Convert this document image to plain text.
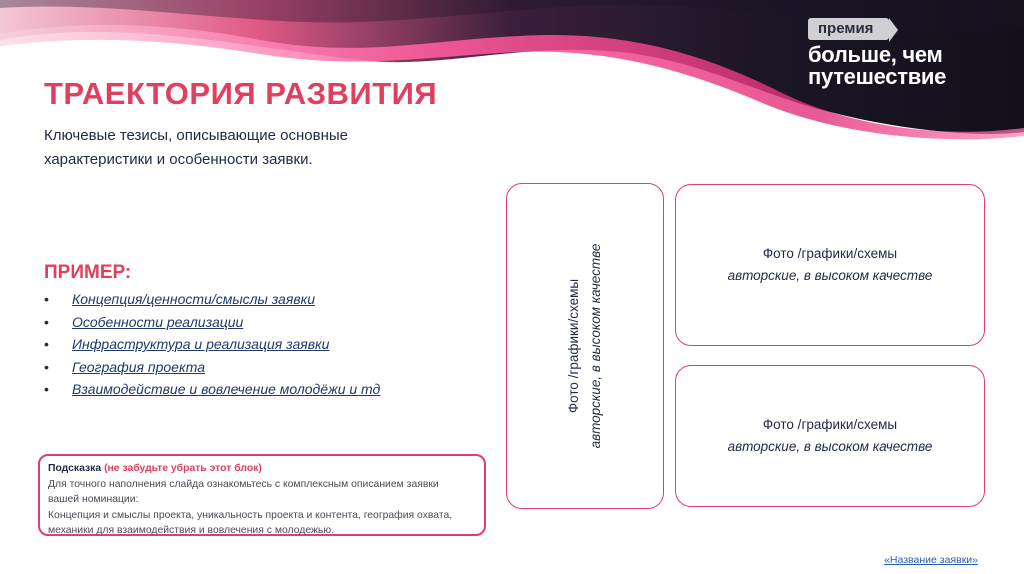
премия
больше, чем
путешествие
ТРАЕКТОРИЯ РАЗВИТИЯ
Ключевые тезисы, описывающие основные
характеристики и особенности заявки.
ПРИМЕР:
• Концепция/ценности/смыслы заявки
• Особенности реализации
• Инфраструктура и реализация заявки
• География проекта
• Взаимодействие и вовлечение молодёжи и тд
Подсказка (не забудьте убрать этот блок)
Для точного наполнения слайда ознакомьтесь с комплексным описанием заявки
вашей номинации:
Концепция и смыслы проекта, уникальность проекта и контента, география охвата,
механики для взаимодействия и вовлечения с молодежью.
Фото /графики/схемы авторские, в высоком качестве	Фото /графики/схемы
авторские, в высоком качестве
Фото /графики/схемы
авторские, в высоком качестве
«Название заявки»
